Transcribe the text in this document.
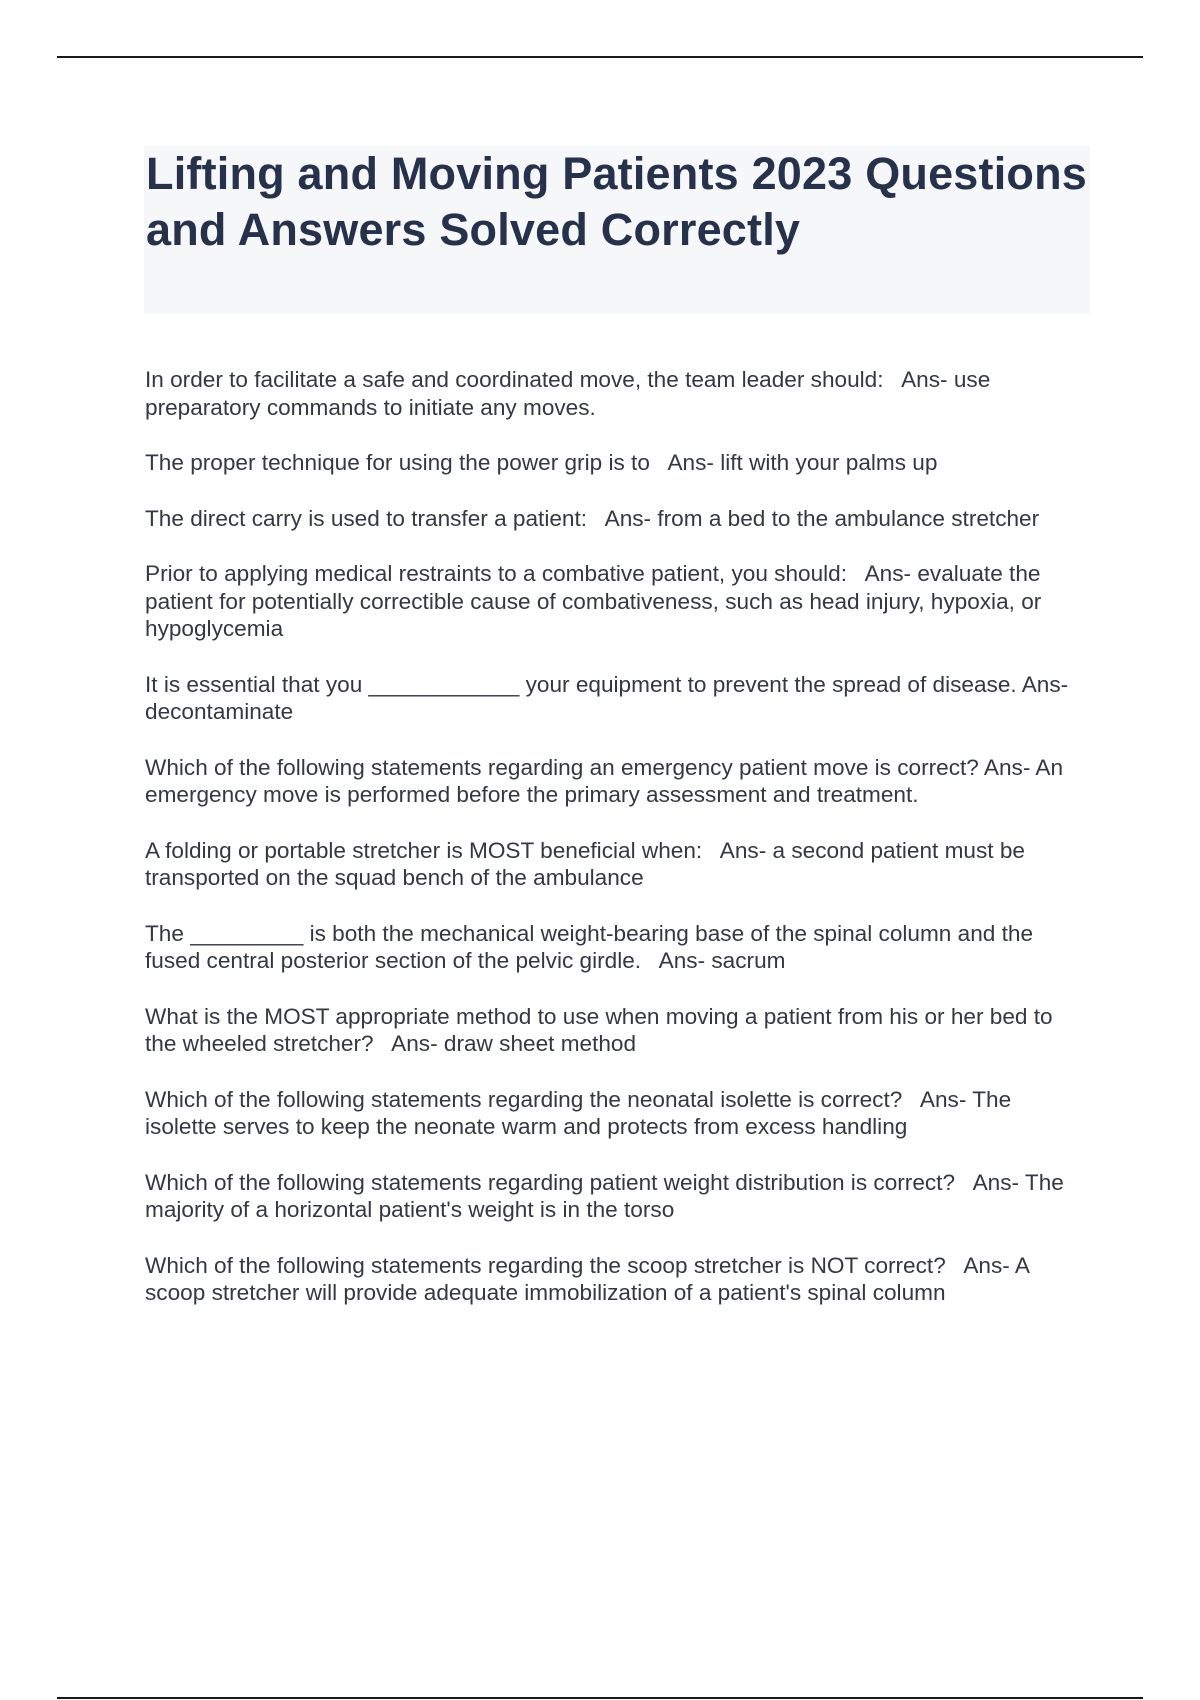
Lifting and Moving Patients 2023 Questions and Answers Solved Correctly

In order to facilitate a safe and coordinated move, the team leader should:   Ans- use preparatory commands to initiate any moves.

The proper technique for using the power grip is to   Ans- lift with your palms up

The direct carry is used to transfer a patient:   Ans- from a bed to the ambulance stretcher

Prior to applying medical restraints to a combative patient, you should:   Ans- evaluate the patient for potentially correctible cause of combativeness, such as head injury, hypoxia, or hypoglycemia

It is essential that you ____________ your equipment to prevent the spread of disease. Ans- decontaminate

Which of the following statements regarding an emergency patient move is correct? Ans- An emergency move is performed before the primary assessment and treatment.

A folding or portable stretcher is MOST beneficial when:   Ans- a second patient must be transported on the squad bench of the ambulance

The _________ is both the mechanical weight-bearing base of the spinal column and the fused central posterior section of the pelvic girdle.   Ans- sacrum

What is the MOST appropriate method to use when moving a patient from his or her bed to the wheeled stretcher?   Ans- draw sheet method

Which of the following statements regarding the neonatal isolette is correct?   Ans- The isolette serves to keep the neonate warm and protects from excess handling

Which of the following statements regarding patient weight distribution is correct?   Ans- The majority of a horizontal patient's weight is in the torso

Which of the following statements regarding the scoop stretcher is NOT correct?   Ans- A scoop stretcher will provide adequate immobilization of a patient's spinal column
